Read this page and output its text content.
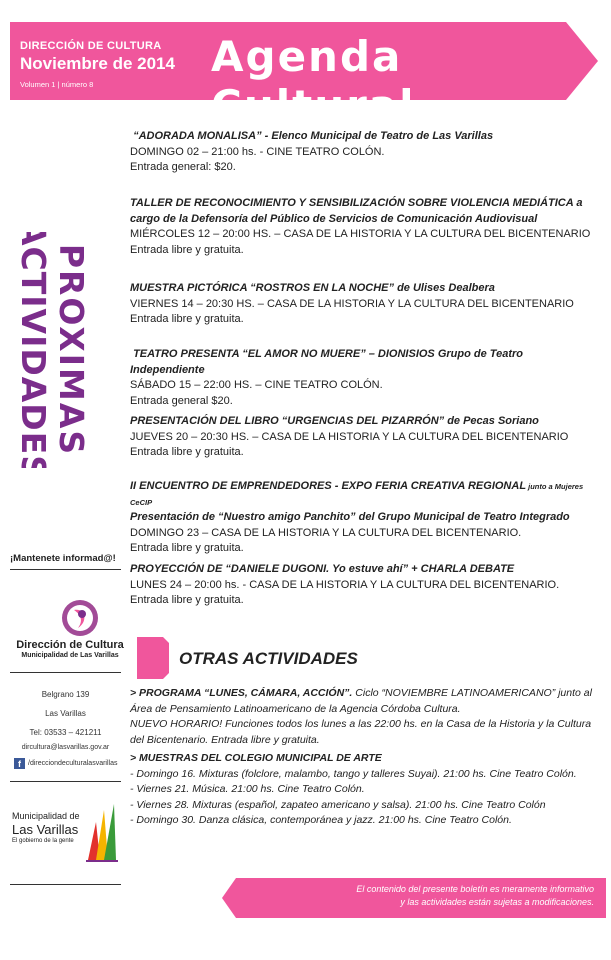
DIRECCIÓN DE CULTURA
Noviembre de 2014
Volumen 1 | número 8
Agenda Cultural
PROXIMAS
ACTIVIDADES
“ADORADA MONALISA” - Elenco Municipal de Teatro de Las Varillas
DOMINGO 02 – 21:00 hs. - CINE TEATRO COLÓN.
Entrada general: $20.
TALLER DE RECONOCIMIENTO Y SENSIBILIZACIÓN SOBRE VIOLENCIA MEDIÁTICA a cargo de la Defensoría del Público de Servicios de Comunicación Audiovisual
MIÉRCOLES 12 – 20:00 HS. – CASA DE LA HISTORIA Y LA CULTURA DEL BICENTENARIO
Entrada libre y gratuita.
MUESTRA PICTÓRICA “ROSTROS EN LA NOCHE” de Ulises Dealbera
VIERNES 14 – 20:30 HS. – CASA DE LA HISTORIA Y LA CULTURA DEL BICENTENARIO
Entrada libre y gratuita.
TEATRO PRESENTA “EL AMOR NO MUERE” – DIONISIOS Grupo de Teatro Independiente
SÁBADO 15 – 22:00 HS. – CINE TEATRO COLÓN.
Entrada general $20.
PRESENTACIÓN DEL LIBRO “URGENCIAS DEL PIZARRÓN” de Pecas Soriano
JUEVES 20 – 20:30 HS. – CASA DE LA HISTORIA Y LA CULTURA DEL BICENTENARIO
Entrada libre y gratuita.
II ENCUENTRO DE EMPRENDEDORES - EXPO FERIA CREATIVA REGIONAL junto a Mujeres CeCIP
Presentación de “Nuestro amigo Panchito” del Grupo Municipal de Teatro Integrado
DOMINGO 23 – CASA DE LA HISTORIA Y LA CULTURA DEL BICENTENARIO.
Entrada libre y gratuita.
PROYECCIÓN DE “DANIELE DUGONI. Yo estuve ahí” + CHARLA DEBATE
LUNES 24 – 20:00 hs. - CASA DE LA HISTORIA Y LA CULTURA DEL BICENTENARIO.
Entrada libre y gratuita.
¡Mantenete informad@!
Dirección de Cultura
Municipalidad de Las Varillas
Belgrano 139
Las Varillas
Tel: 03533 – 421211
dircultura@lasvarillas.gov.ar
f	/direcciondeculturalasvarillas
Municipalidad de
Las Varillas
El gobierno de la gente
OTRAS ACTIVIDADES
> PROGRAMA “LUNES, CÁMARA, ACCIÓN”. Ciclo “NOVIEMBRE LATINOAMERICANO” junto al Área de Pensamiento Latinoamericano de la Agencia Córdoba Cultura.
NUEVO HORARIO! Funciones todos los lunes a las 22:00 hs. en la Casa de la Historia y la Cultura del Bicentenario. Entrada libre y gratuita.
> MUESTRAS DEL COLEGIO MUNICIPAL DE ARTE
- Domingo 16. Mixturas (folclore, malambo, tango y talleres Suyai). 21:00 hs. Cine Teatro Colón.
- Viernes 21. Música. 21:00 hs. Cine Teatro Colón.
- Viernes 28. Mixturas (español, zapateo americano y salsa). 21:00 hs. Cine Teatro Colón
- Domingo 30. Danza clásica, contemporánea y jazz. 21:00 hs. Cine Teatro Colón.
El contenido del presente boletín es meramente informativo
y las actividades están sujetas a modificaciones.
